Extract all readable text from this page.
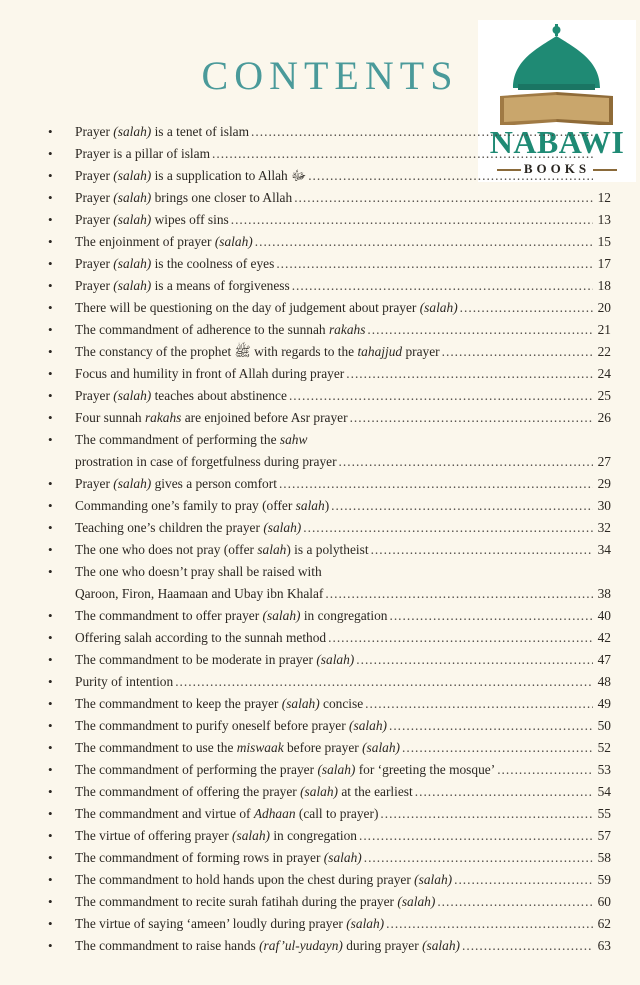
CONTENTS
NABAWI
BOOKS
• Prayer (salah) is a tenet of islam
.....
• Prayer is a pillar of islam
.....
• Prayer (salah) is a supplication to Allah ﷻ
.....
• Prayer (salah) brings one closer to Allah .....	12
• Prayer (salah) wipes off sins .....	13
• The enjoinment of prayer (salah) .....	15
• Prayer (salah) is the coolness of eyes .....	17
• Prayer (salah) is a means of forgiveness .....	18
• There will be questioning on the day of judgement about prayer (salah) .....	20
• The commandment of adherence to the sunnah rakahs .....	21
• The constancy of the prophet ﷺ with regards to the tahajjud prayer .....	22
• Focus and humility in front of Allah during prayer .....	24
• Prayer (salah) teaches about abstinence .....	25
• Four sunnah rakahs are enjoined before Asr prayer .....	26
• The commandment of performing the sahw
prostration in case of forgetfulness during prayer .....	27
• Prayer (salah) gives a person comfort .....	29
• Commanding one’s family to pray (offer salah) .....	30
• Teaching one’s children the prayer (salah) .....	32
• The one who does not pray (offer salah) is a polytheist .....	34
• The one who doesn’t pray shall be raised with
Qaroon, Firon, Haamaan and Ubay ibn Khalaf .....	38
• The commandment to offer prayer (salah) in congregation .....	40
• Offering salah according to the sunnah method .....	42
• The commandment to be moderate in prayer (salah) .....	47
• Purity of intention .....	48
• The commandment to keep the prayer (salah) concise .....	49
• The commandment to purify oneself before prayer (salah) .....	50
• The commandment to use the miswaak before prayer (salah) .....	52
• The commandment of performing the prayer (salah) for ‘greeting the mosque’ .....	53
• The commandment of offering the prayer (salah) at the earliest .....	54
• The commandment and virtue of Adhaan (call to prayer) .....	55
• The virtue of offering prayer (salah) in congregation .....	57
• The commandment of forming rows in prayer (salah) .....	58
• The commandment to hold hands upon the chest during prayer (salah) .....	59
• The commandment to recite surah fatihah during the prayer (salah) .....	60
• The virtue of saying ‘ameen’ loudly during prayer (salah) .....	62
• The commandment to raise hands (raf’ul-yudayn) during prayer (salah) .....	63
